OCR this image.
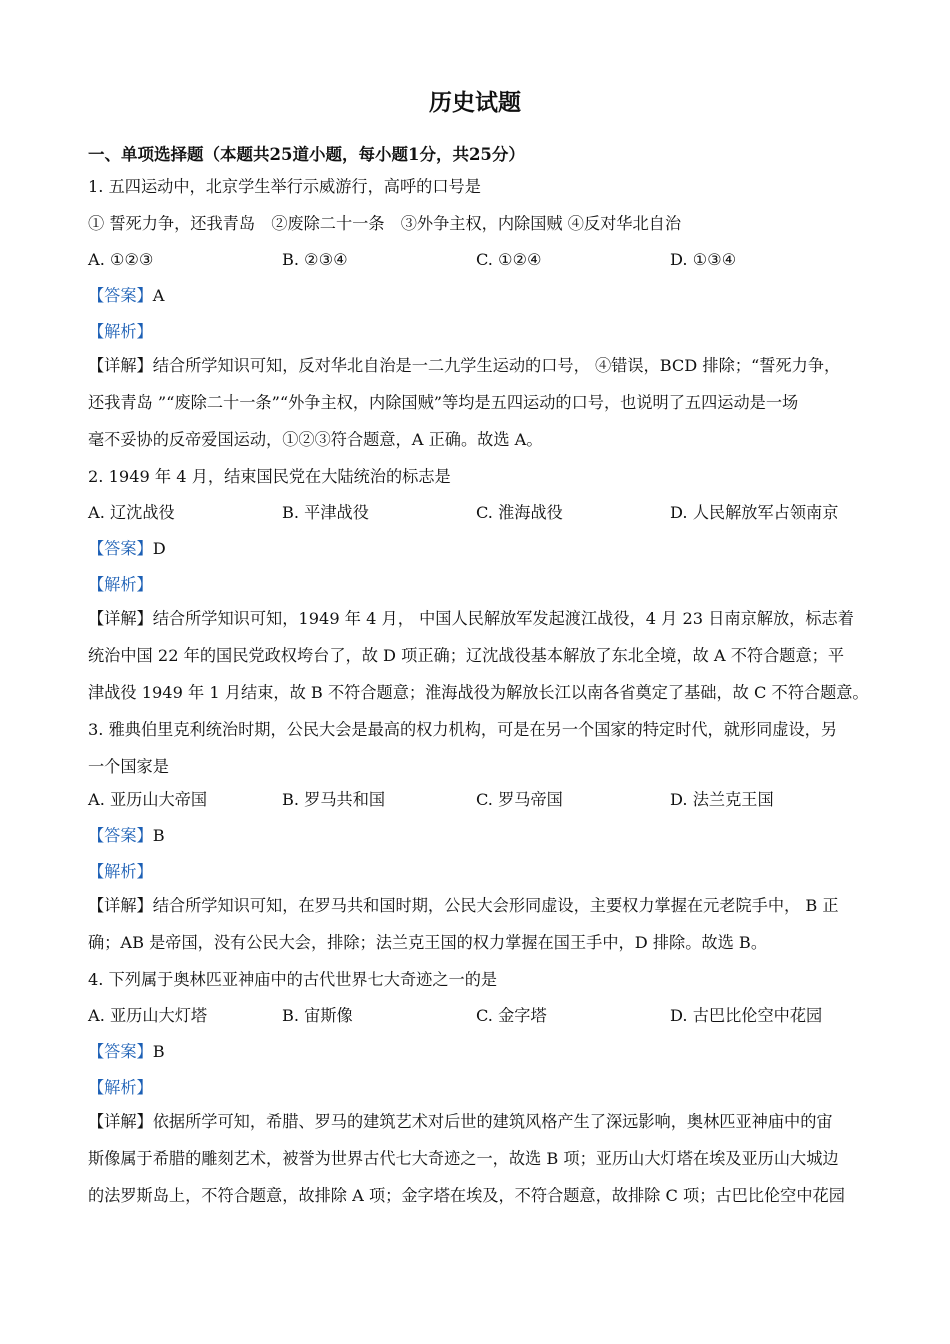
历史试题
一、单项选择题（本题共25道小题，每小题1分，共25分）
1. 五四运动中，北京学生举行示威游行，高呼的口号是
① 誓死力争，还我青岛　②废除二十一条　③外争主权，内除国贼 ④反对华北自治
A. ①②③	B. ②③④	C. ①②④	D. ①③④
【答案】A
【解析】
【详解】结合所学知识可知，反对华北自治是一二九学生运动的口号， ④错误，BCD 排除；“誓死力争，
还我青岛 ”“废除二十一条”“外争主权，内除国贼”等均是五四运动的口号，也说明了五四运动是一场
毫不妥协的反帝爱国运动，①②③符合题意，A 正确。故选 A。
2. 1949 年 4 月，结束国民党在大陆统治的标志是
A. 辽沈战役	B. 平津战役	C. 淮海战役	D. 人民解放军占领南京
【答案】D
【解析】
【详解】结合所学知识可知，1949 年 4 月， 中国人民解放军发起渡江战役，4 月 23 日南京解放，标志着
统治中国 22 年的国民党政权垮台了，故 D 项正确；辽沈战役基本解放了东北全境，故 A 不符合题意；平
津战役 1949 年 1 月结束，故 B 不符合题意；淮海战役为解放长江以南各省奠定了基础，故 C 不符合题意。
3. 雅典伯里克利统治时期，公民大会是最高的权力机构，可是在另一个国家的特定时代，就形同虚设，另
一个国家是
A. 亚历山大帝国	B. 罗马共和国	C. 罗马帝国	D. 法兰克王国
【答案】B
【解析】
【详解】结合所学知识可知，在罗马共和国时期，公民大会形同虚设，主要权力掌握在元老院手中， B 正
确；AB 是帝国，没有公民大会，排除；法兰克王国的权力掌握在国王手中，D 排除。故选 B。
4. 下列属于奥林匹亚神庙中的古代世界七大奇迹之一的是
A. 亚历山大灯塔	B. 宙斯像	C. 金字塔	D. 古巴比伦空中花园
【答案】B
【解析】
【详解】依据所学可知，希腊、罗马的建筑艺术对后世的建筑风格产生了深远影响，奥林匹亚神庙中的宙
斯像属于希腊的雕刻艺术，被誉为世界古代七大奇迹之一，故选 B 项；亚历山大灯塔在埃及亚历山大城边
的法罗斯岛上，不符合题意，故排除 A 项；金字塔在埃及，不符合题意，故排除 C 项；古巴比伦空中花园
